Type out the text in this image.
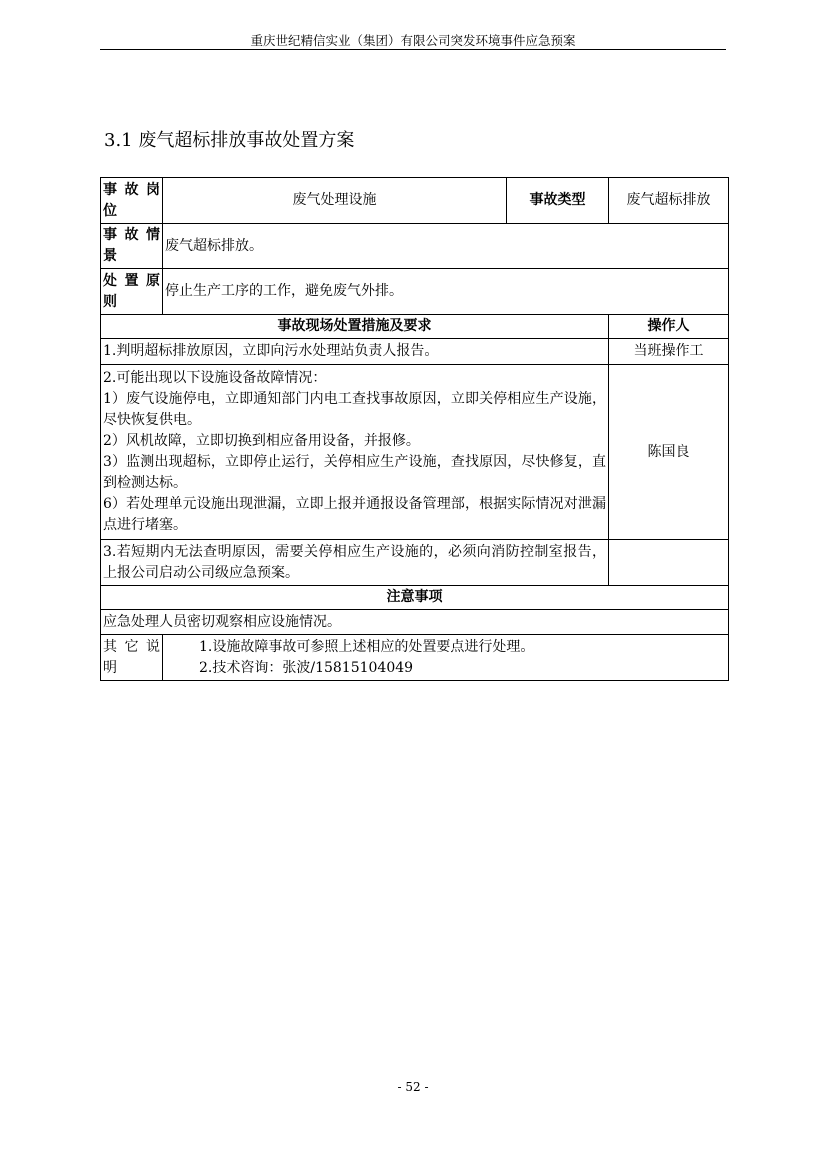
重庆世纪精信实业（集团）有限公司突发环境事件应急预案
3.1 废气超标排放事故处置方案
事 故 岗
位	废气处理设施	事故类型	废气超标排放

事 故 情
景	废气超标排放。		

处 置 原
则	停止生产工序的工作，避免废气外排。		
事故现场处置措施及要求			操作人
1.判明超标排放原因，立即向污水处理站负责人报告。			当班操作工

2.可能出现以下设施设备故障情况：
1）废气设施停电，立即通知部门内电工查找事故原因，立即关停相应生产设施，尽快恢复供电。
2）风机故障，立即切换到相应备用设备，并报修。
3）监测出现超标，立即停止运行，关停相应生产设施，查找原因，尽快修复，直到检测达标。
6）若处理单元设施出现泄漏，立即上报并通报设备管理部，根据实际情况对泄漏点进行堵塞。			陈国良
3.若短期内无法查明原因，需要关停相应生产设施的，必须向消防控制室报告，上报公司启动公司级应急预案。			
注意事项			
应急处理人员密切观察相应设施情况。			

其 它 说
明	1.设施故障事故可参照上述相应的处置要点进行处理。
2.技术咨询：张波/15815104049		
- 52 -
